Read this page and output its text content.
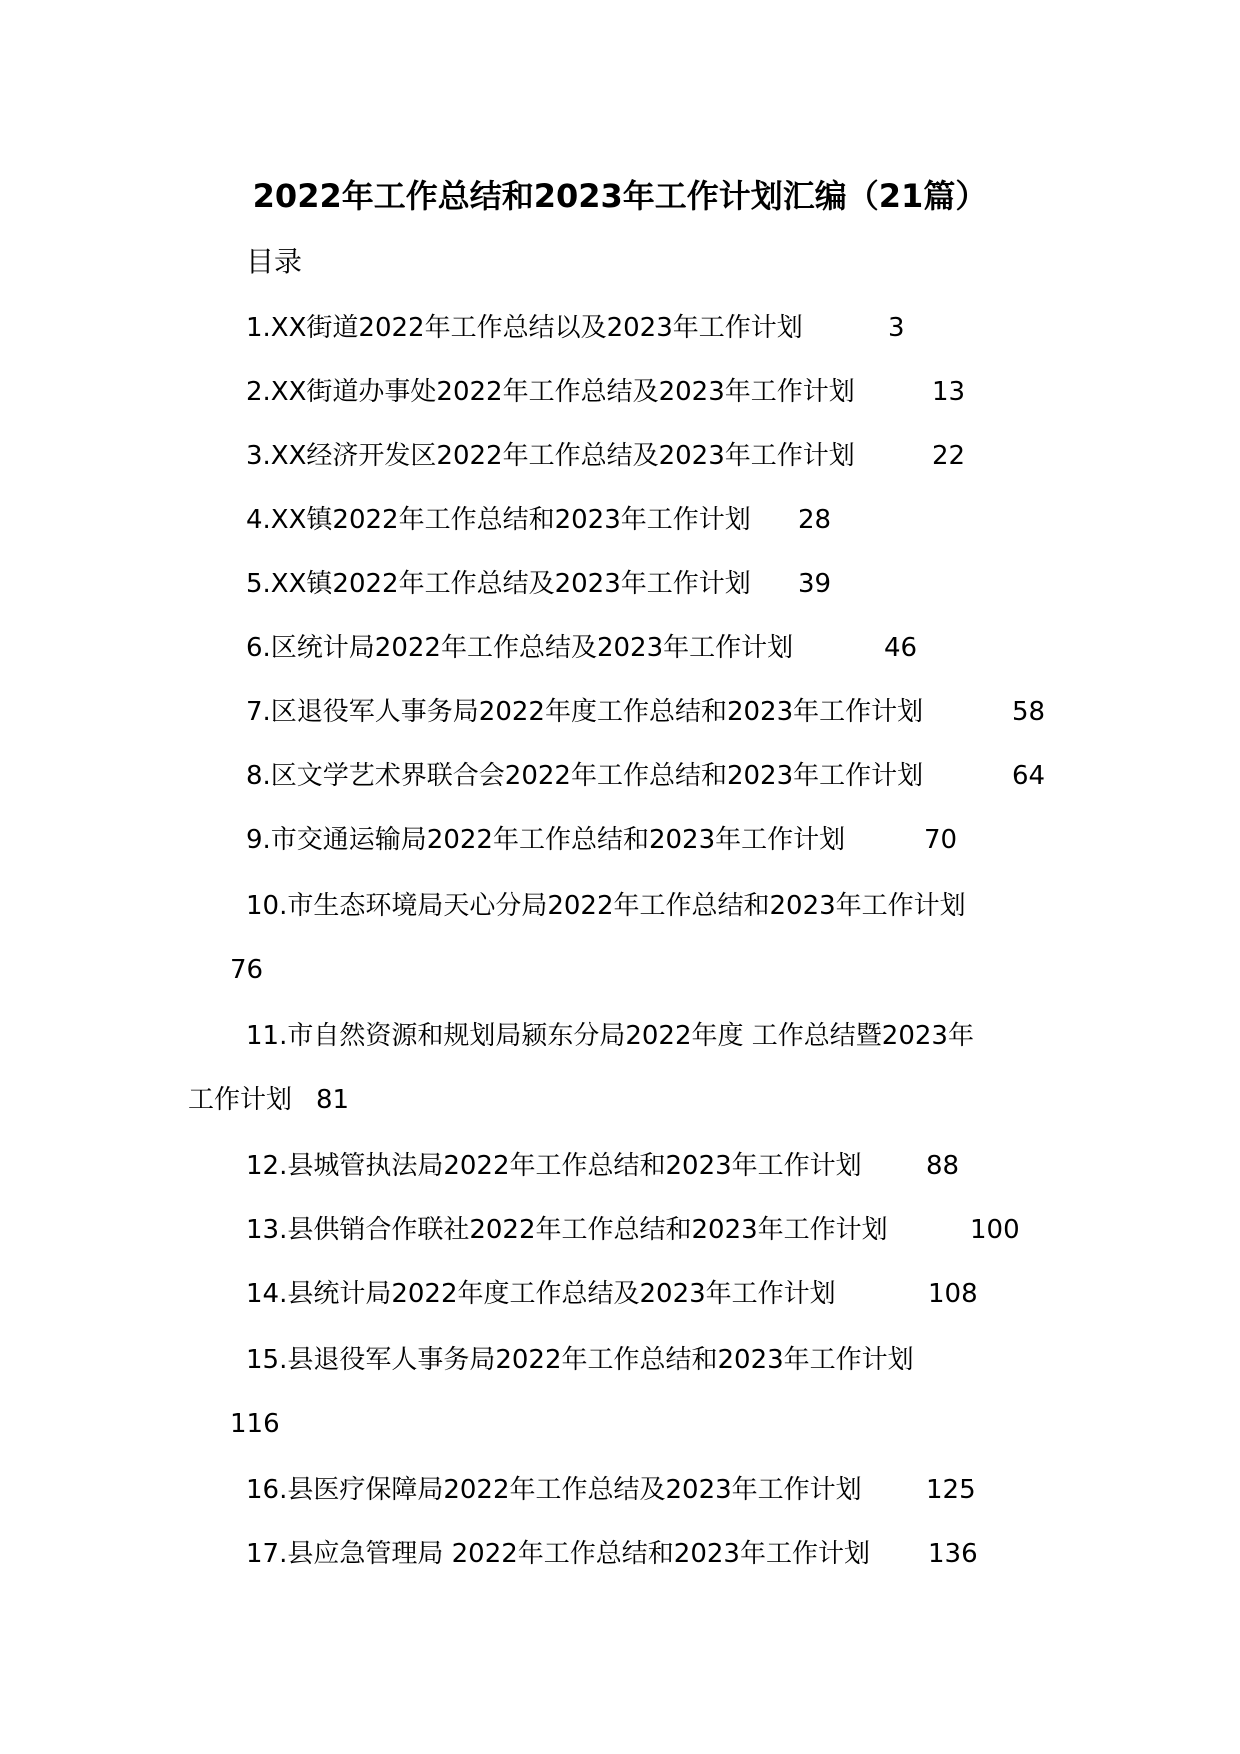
2022年工作总结和2023年工作计划汇编（21篇）
目录
1.XX街道2022年工作总结以及2023年工作计划	3
2.XX街道办事处2022年工作总结及2023年工作计划	13
3.XX经济开发区2022年工作总结及2023年工作计划	22
4.XX镇2022年工作总结和2023年工作计划 28
5.XX镇2022年工作总结及2023年工作计划 39
6.区统计局2022年工作总结及2023年工作计划	46
7.区退役军人事务局2022年度工作总结和2023年工作计划	58
8.区文学艺术界联合会2022年工作总结和2023年工作计划	64
9.市交通运输局2022年工作总结和2023年工作计划	70
10.市生态环境局天心分局2022年工作总结和2023年工作计划
76
11.市自然资源和规划局颍东分局2022年度 工作总结暨2023年
工作计划 81
12.县城管执法局2022年工作总结和2023年工作计划 88
13.县供销合作联社2022年工作总结和2023年工作计划	100
14.县统计局2022年度工作总结及2023年工作计划	108
15.县退役军人事务局2022年工作总结和2023年工作计划
116
16.县医疗保障局2022年工作总结及2023年工作计划 125
17.县应急管理局 2022年工作总结和2023年工作计划 136
